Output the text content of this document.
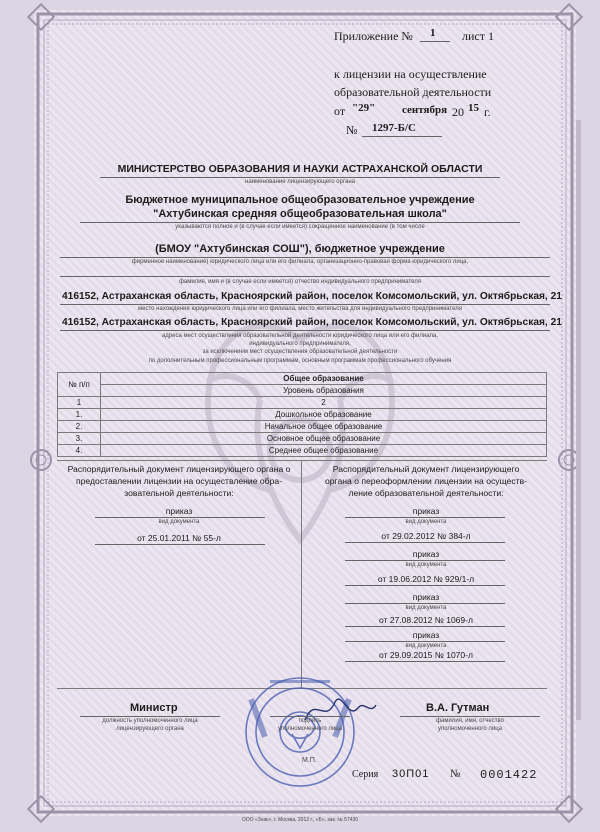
Приложение № 1 лист 1
к лицензии на осуществление
образовательной деятельности
от "29" сентября 20 15 г.
№ 1297-Б/С
МИНИСТЕРСТВО ОБРАЗОВАНИЯ И НАУКИ АСТРАХАНСКОЙ ОБЛАСТИ
наименование лицензирующего органа
Бюджетное муниципальное общеобразовательное учреждение
"Ахтубинская средняя общеобразовательная школа"
указываются полное и (в случае если имеется) сокращенное наименование (в том числе
(БМОУ "Ахтубинская СОШ"), бюджетное учреждение
фирменное наименование) юридического лица или его филиала, организационно-правовая форма юридического лица,
фамилия, имя и (в случае если имеется) отчество индивидуального предпринимателя
416152, Астраханская область, Красноярский район, поселок Комсомольский, ул. Октябрьская, 21
место нахождения юридического лица или его филиала, место жительства для индивидуального предпринимателя
416152, Астраханская область, Красноярский район, поселок Комсомольский, ул. Октябрьская, 21
адреса мест осуществления образовательной деятельности юридического лица или его филиала,
индивидуального предпринимателя,
за исключением мест осуществления образовательной деятельности
по дополнительным профессиональным программам, основным программам профессионального обучения
№ п/п	Общее образование
	Уровень образования
1	2
1.	Дошкольное образование
2.	Начальное общее образование
3.	Основное общее образование
4.	Среднее общее образование
Распорядительный документ лицензирующего органа о
предоставлении лицензии на осуществление обра-
зовательной деятельности:
приказ
вид документа
от 25.01.2011 № 55-л
Распорядительный документ лицензирующего
органа о переоформлении лицензии на осуществ-
ление образовательной деятельности:
приказ
вид документа
от 29.02.2012 № 384-л
приказ
вид документа
от 19.06.2012 № 929/1-л
приказ
вид документа
от 27.08.2012 № 1069-л
приказ
вид документа
от 29.09.2015 № 1070-л
Министр
должность уполномоченного лица
лицензирующего органа
подпись
уполномоченного лица
В.А. Гутман
фамилия, имя, отчество
уполномоченного лица
М.П.
Серия 30П01 № 0001422
ООО «Знак», г. Москва, 2012 г., «Б», зак. № 57430
